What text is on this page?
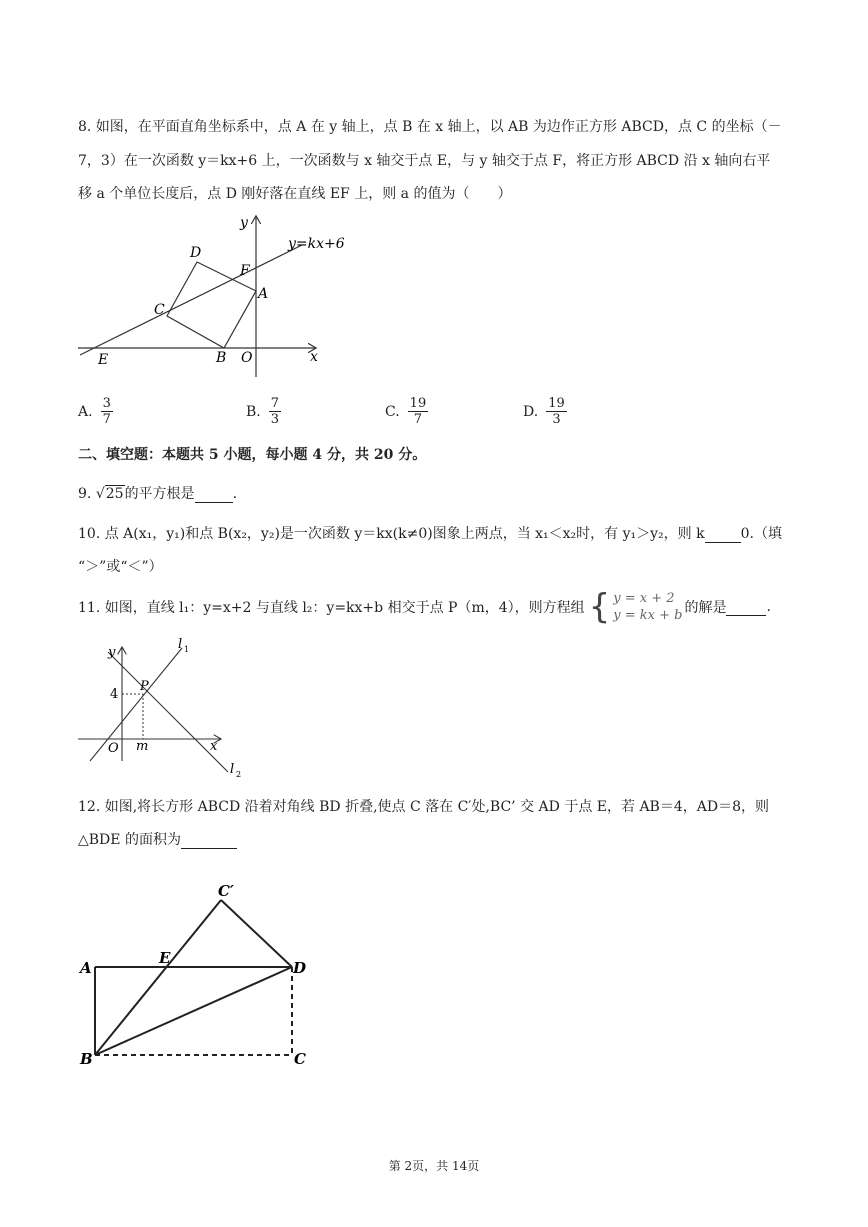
8. 如图，在平面直角坐标系中，点 A 在 y 轴上，点 B 在 x 轴上，以 AB 为边作正方形 ABCD，点 C 的坐标（－
7，3）在一次函数 y＝kx+6 上，一次函数与 x 轴交于点 E，与 y 轴交于点 F，将正方形 ABCD 沿 x 轴向右平
移 a 个单位长度后，点 D 刚好落在直线 EF 上，则 a 的值为（　　）
y
y=kx+6
D
F
A
C
E	B O	x
A. $\frac{3}{7}$	B. $\frac{7}{3}$	C. $\frac{19}{7}$	D. $\frac{19}{3}$
二、填空题：本题共 5 小题，每小题 4 分，共 20 分。
9. √25的平方根是	.
10. 点 A(x₁，y₁)和点 B(x₂，y₂)是一次函数 y＝kx(k≠0)图象上两点，当 x₁＜x₂时，有 y₁＞y₂，则 k	0.（填
“＞”或“＜”）
11. 如图，直线 l₁：y=x+2 与直线 l₂：y=kx+b 相交于点 P（m，4），则方程组 { y = x + 2
y = kx + b 的解是
	.
y
l 1
P
4
O m	x
l 2
12. 如图,将长方形 ABCD 沿着对角线 BD 折叠,使点 C 落在 C′处,BC’ 交 AD 于点 E，若 AB＝4，AD＝8，则
△BDE 的面积为
C′
A
E
D
B	C
第 2页，共 14页
